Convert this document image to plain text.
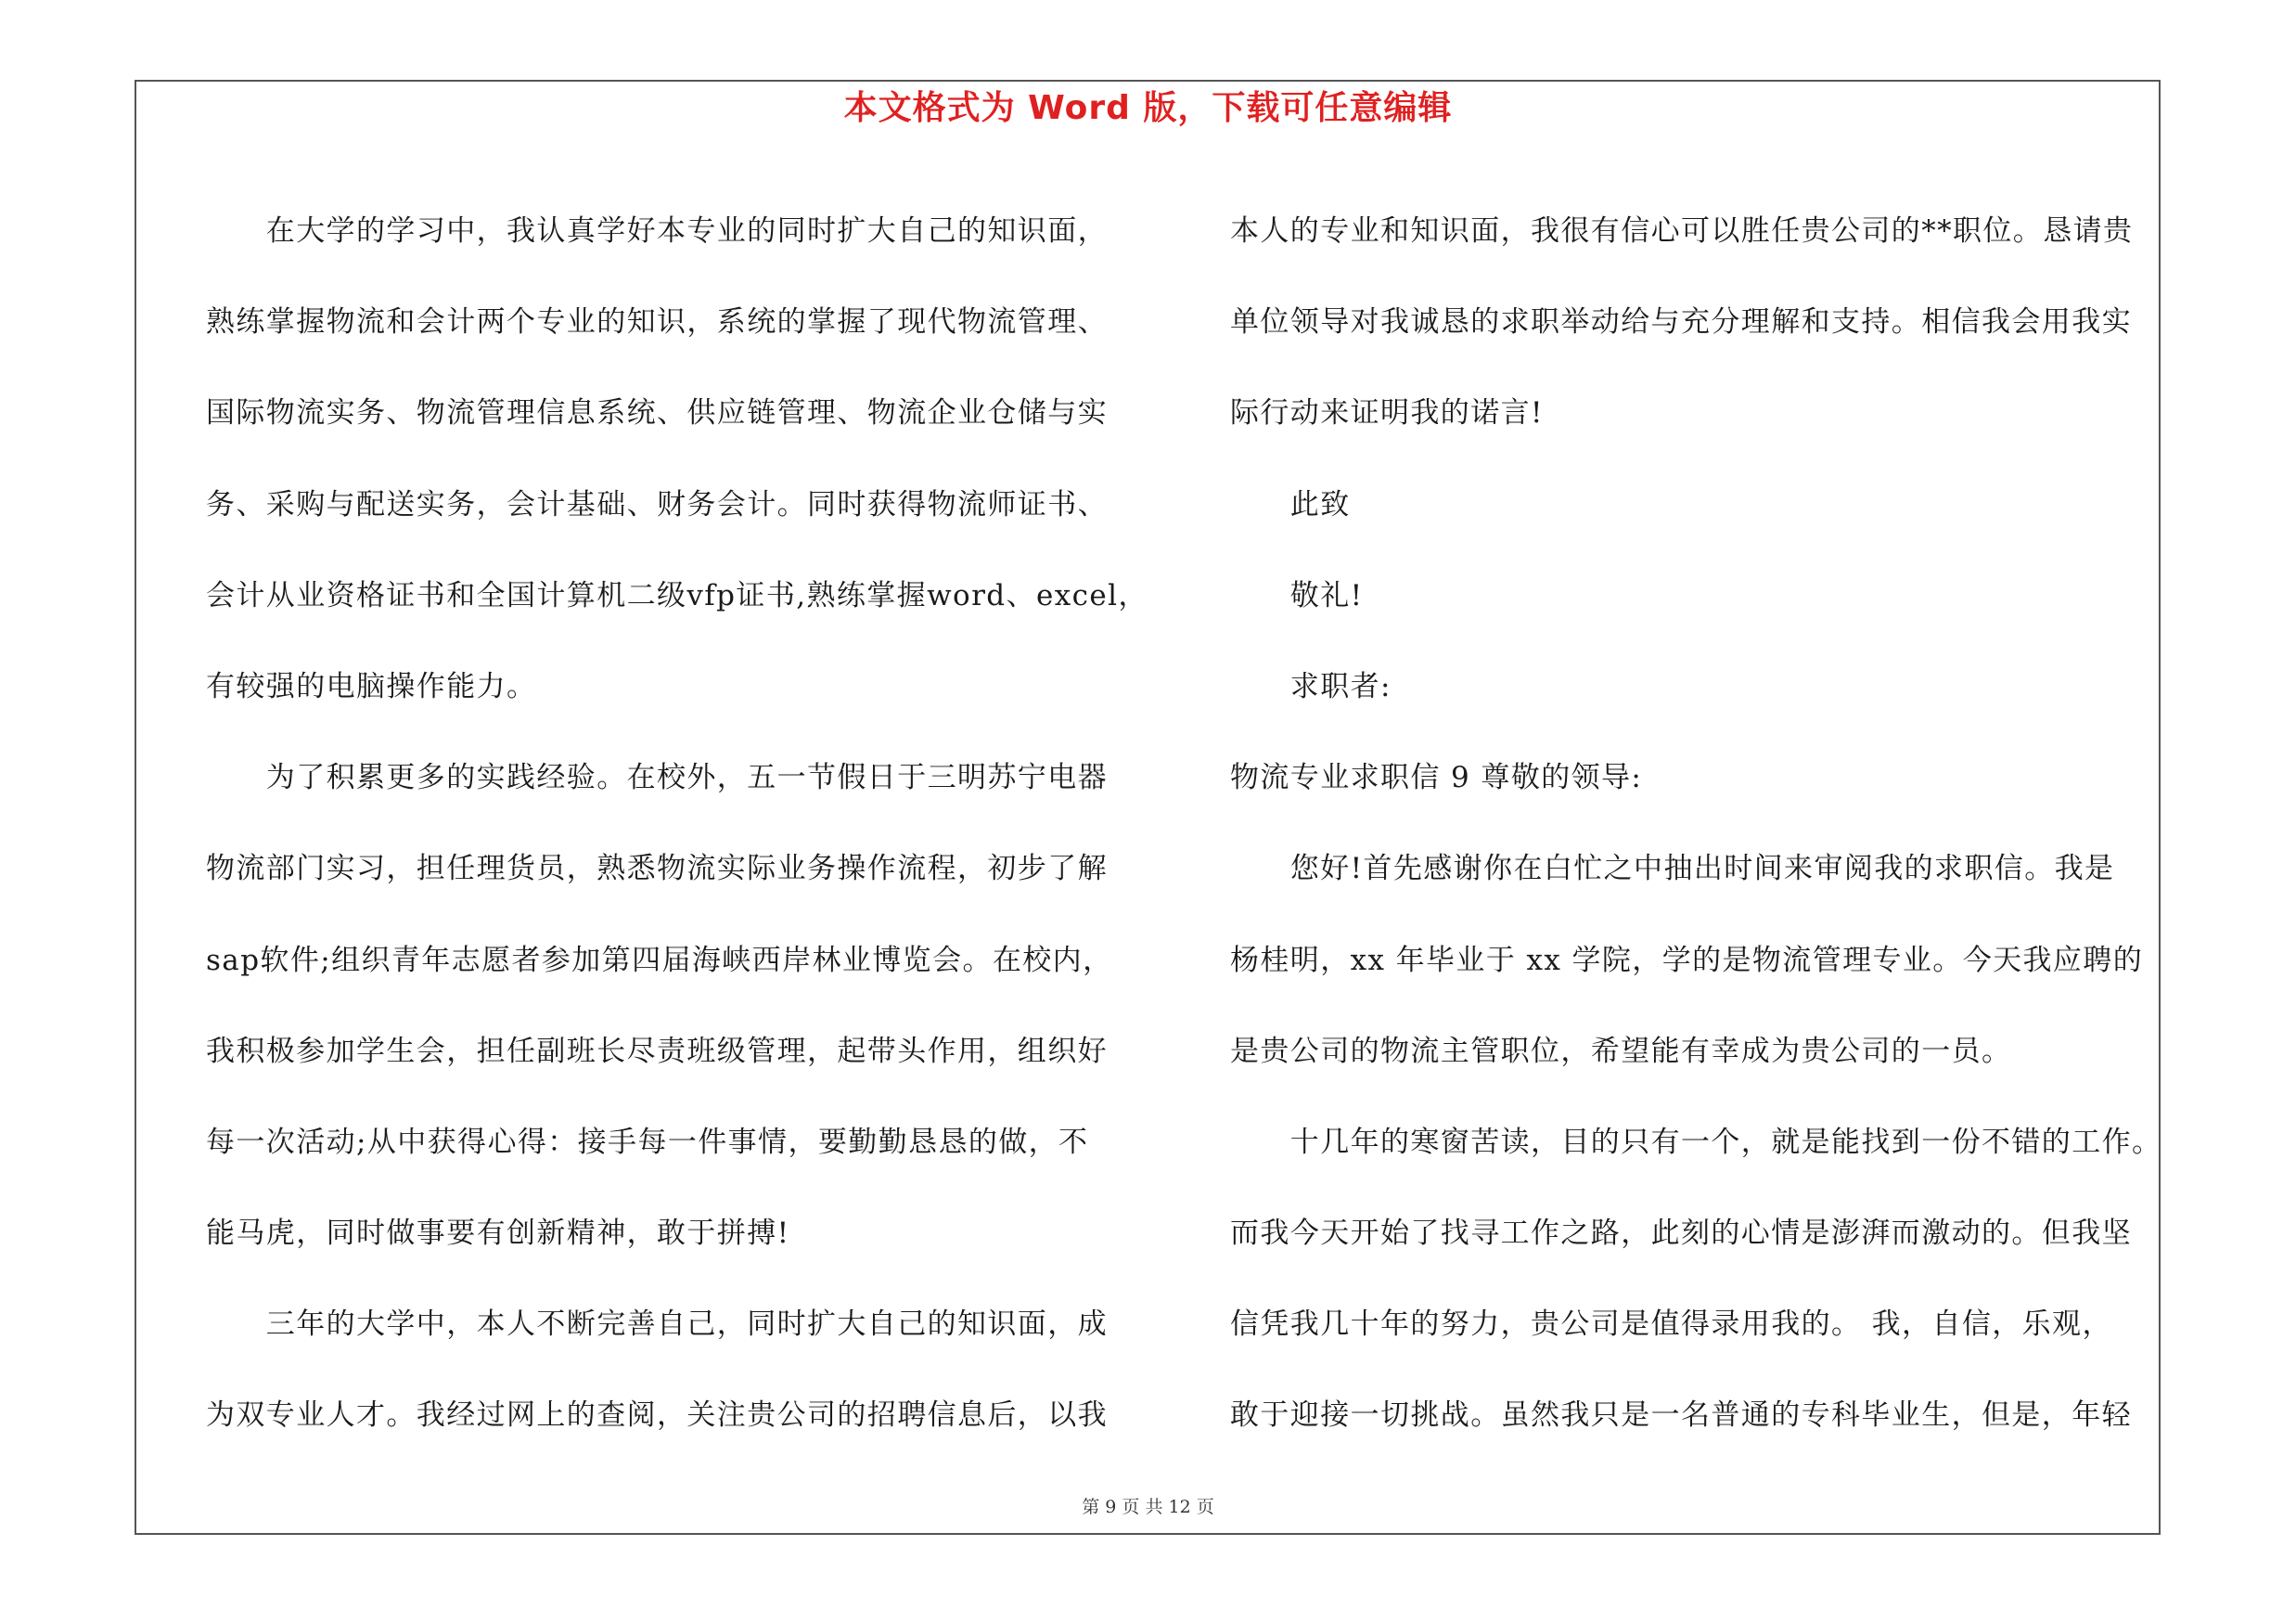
本文格式为 Word 版，下载可任意编辑
　　在大学的学习中，我认真学好本专业的同时扩大自己的知识面，
熟练掌握物流和会计两个专业的知识，系统的掌握了现代物流管理、
国际物流实务、物流管理信息系统、供应链管理、物流企业仓储与实
务、采购与配送实务，会计基础、财务会计。同时获得物流师证书、
会计从业资格证书和全国计算机二级vfp证书,熟练掌握word、excel，
有较强的电脑操作能力。
　　为了积累更多的实践经验。在校外，五一节假日于三明苏宁电器
物流部门实习，担任理货员，熟悉物流实际业务操作流程，初步了解
sap软件;组织青年志愿者参加第四届海峡西岸林业博览会。在校内，
我积极参加学生会，担任副班长尽责班级管理，起带头作用，组织好
每一次活动;从中获得心得：接手每一件事情，要勤勤恳恳的做，不
能马虎，同时做事要有创新精神，敢于拼搏!
　　三年的大学中，本人不断完善自己，同时扩大自己的知识面，成
为双专业人才。我经过网上的查阅，关注贵公司的招聘信息后，以我
本人的专业和知识面，我很有信心可以胜任贵公司的**职位。恳请贵
单位领导对我诚恳的求职举动给与充分理解和支持。相信我会用我实
际行动来证明我的诺言!
　　此致
　　敬礼!
　　求职者:
物流专业求职信 9 尊敬的领导:
　　您好!首先感谢你在白忙之中抽出时间来审阅我的求职信。我是
杨桂明，xx 年毕业于 xx 学院，学的是物流管理专业。今天我应聘的
是贵公司的物流主管职位，希望能有幸成为贵公司的一员。
　　十几年的寒窗苦读，目的只有一个，就是能找到一份不错的工作。
而我今天开始了找寻工作之路，此刻的心情是澎湃而激动的。但我坚
信凭我几十年的努力，贵公司是值得录用我的。 我，自信，乐观，
敢于迎接一切挑战。虽然我只是一名普通的专科毕业生，但是，年轻
第 9 页 共 12 页
